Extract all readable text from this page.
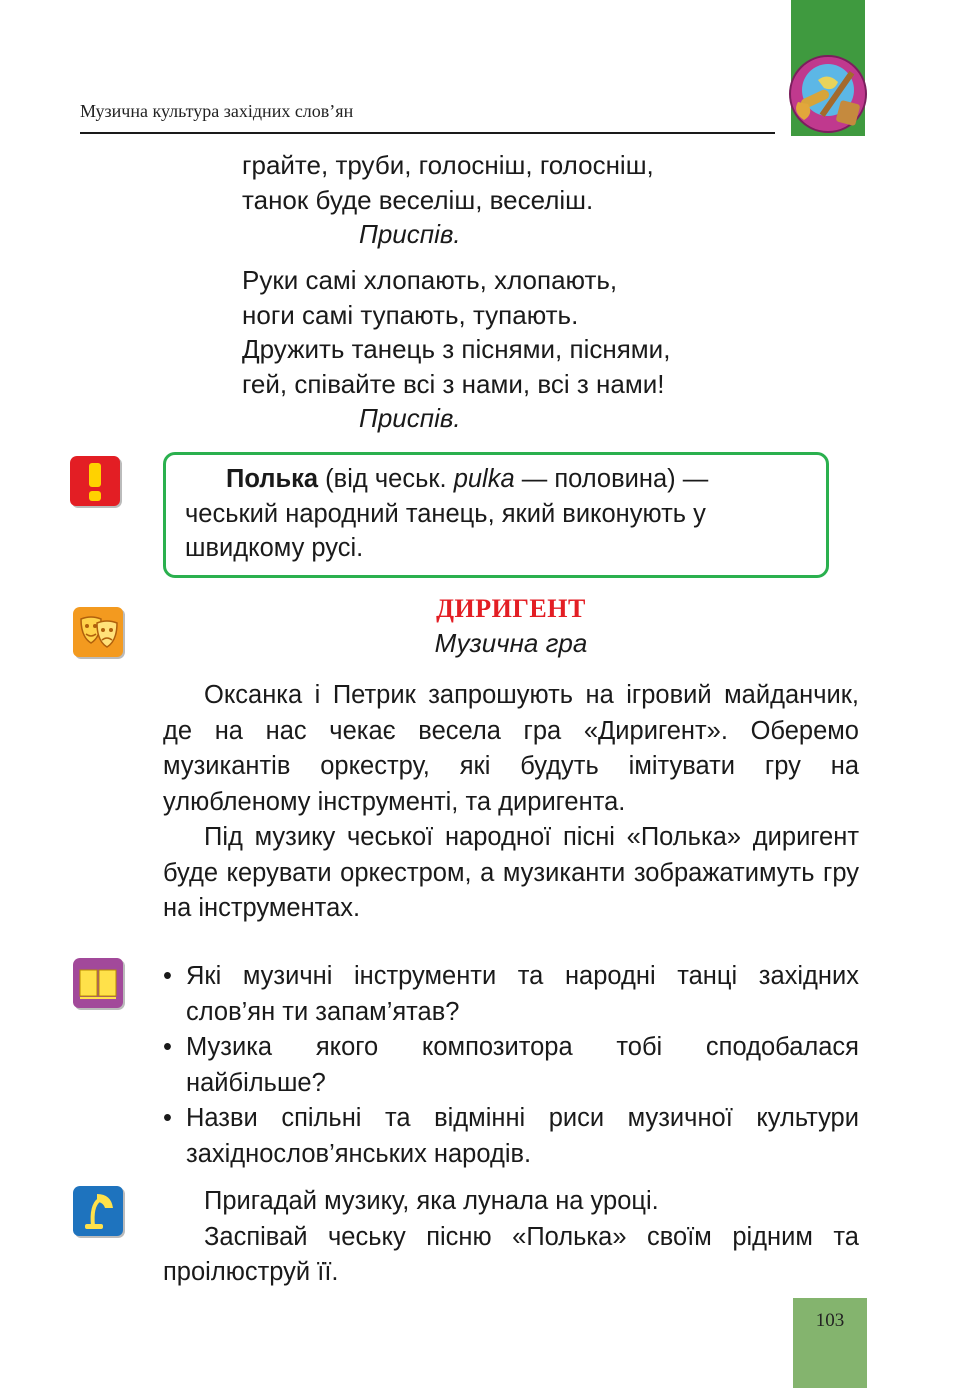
Музична культура західних слов’ян
грайте, труби, голосніш, голосніш,
танок буде веселіш, веселіш.
Приспів.
Руки самі хлопають, хлопають,
ноги самі тупають, тупають.
Дружить танець з піснями, піснями,
гей, співайте всі з нами, всі з нами!
Приспів.
Полька (від чеськ. pulka — половина) —
чеський народний танець, який виконують у
швидкому русі.
ДИРИГЕНТ
Музична гра

Оксанка і Петрик запрошують на ігровий майданчик, де на нас чекає весела гра «Диригент». Оберемо музикантів оркестру, які будуть імітувати гру на улюбленому інструменті, та диригента.

Під музику чеської народної пісні «Полька» диригент буде керувати оркестром, а музиканти зображатимуть гру на інструментах.

• Які музичні інструменти та народні танці західних слов’ян ти запам’ятав?
• Музика якого композитора тобі сподобалася найбільше?
• Назви спільні та відмінні риси музичної культури західнослов’янських народів.

Пригадай музику, яка лунала на уроці.

Заспівай чеську пісню «Полька» своїм рідним та проілюструй її.

103
